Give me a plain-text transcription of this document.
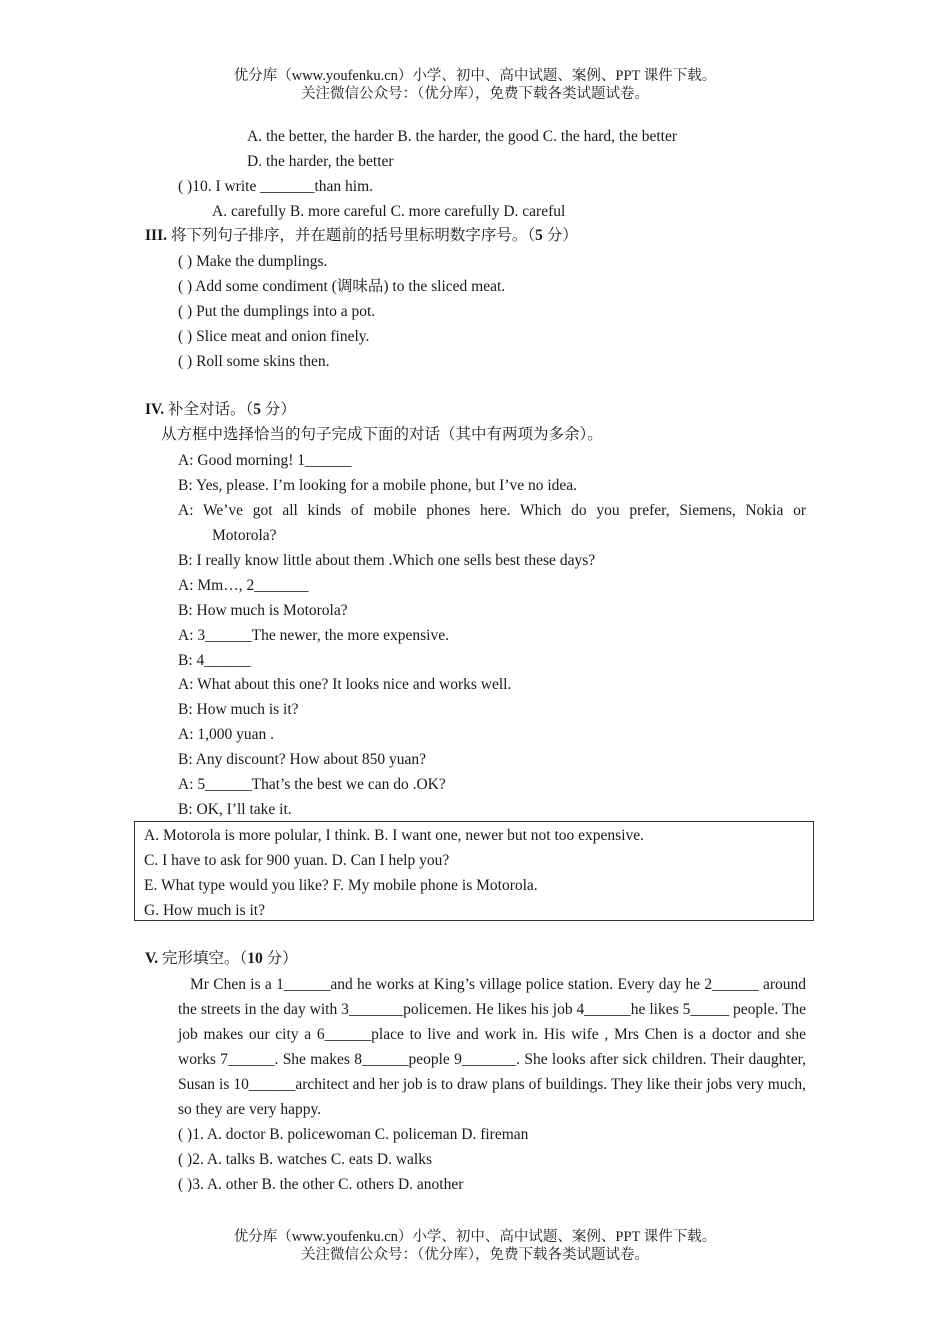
优分库（www.youfenku.cn）小学、初中、高中试题、案例、PPT 课件下载。
关注微信公众号：（优分库），免费下载各类试题试卷。
A. the better, the harder B. the harder, the good C. the hard, the better
D. the harder, the better
( )10. I write _______than him.
A. carefully B. more careful C. more carefully D. careful
III. 将下列句子排序，并在题前的括号里标明数字序号。（5 分）
( ) Make the dumplings.
( ) Add some condiment (调味品) to the sliced meat.
( ) Put the dumplings into a pot.
( ) Slice meat and onion finely.
( ) Roll some skins then.
IV. 补全对话。（5 分）
从方框中选择恰当的句子完成下面的对话（其中有两项为多余）。
A: Good morning! 1______
B: Yes, please. I’m looking for a mobile phone, but I’ve no idea.
A: We’ve got all kinds of mobile phones here. Which do you prefer, Siemens, Nokia or
Motorola?
B: I really know little about them .Which one sells best these days?
A: Mm…, 2_______
B: How much is Motorola?
A: 3______The newer, the more expensive.
B: 4______
A: What about this one? It looks nice and works well.
B: How much is it?
A: 1,000 yuan .
B: Any discount? How about 850 yuan?
A: 5______That’s the best we can do .OK?
B: OK, I’ll take it.
A. Motorola is more polular, I think. B. I want one, newer but not too expensive.
C. I have to ask for 900 yuan. D. Can I help you?
E. What type would you like? F. My mobile phone is Motorola.
G. How much is it?
V. 完形填空。（10 分）
Mr Chen is a 1______and he works at King’s village police station. Every day he 2______ around the streets in the day with 3_______policemen. He likes his job 4______he likes 5_____ people. The job makes our city a 6______place to live and work in. His wife , Mrs Chen is a doctor and she works 7______. She makes 8______people 9_______. She looks after sick children. Their daughter, Susan is 10______architect and her job is to draw plans of buildings. They like their jobs very much, so they are very happy.
( )1. A. doctor B. policewoman C. policeman D. fireman
( )2. A. talks B. watches C. eats D. walks
( )3. A. other B. the other C. others D. another
优分库（www.youfenku.cn）小学、初中、高中试题、案例、PPT 课件下载。
关注微信公众号：（优分库），免费下载各类试题试卷。
